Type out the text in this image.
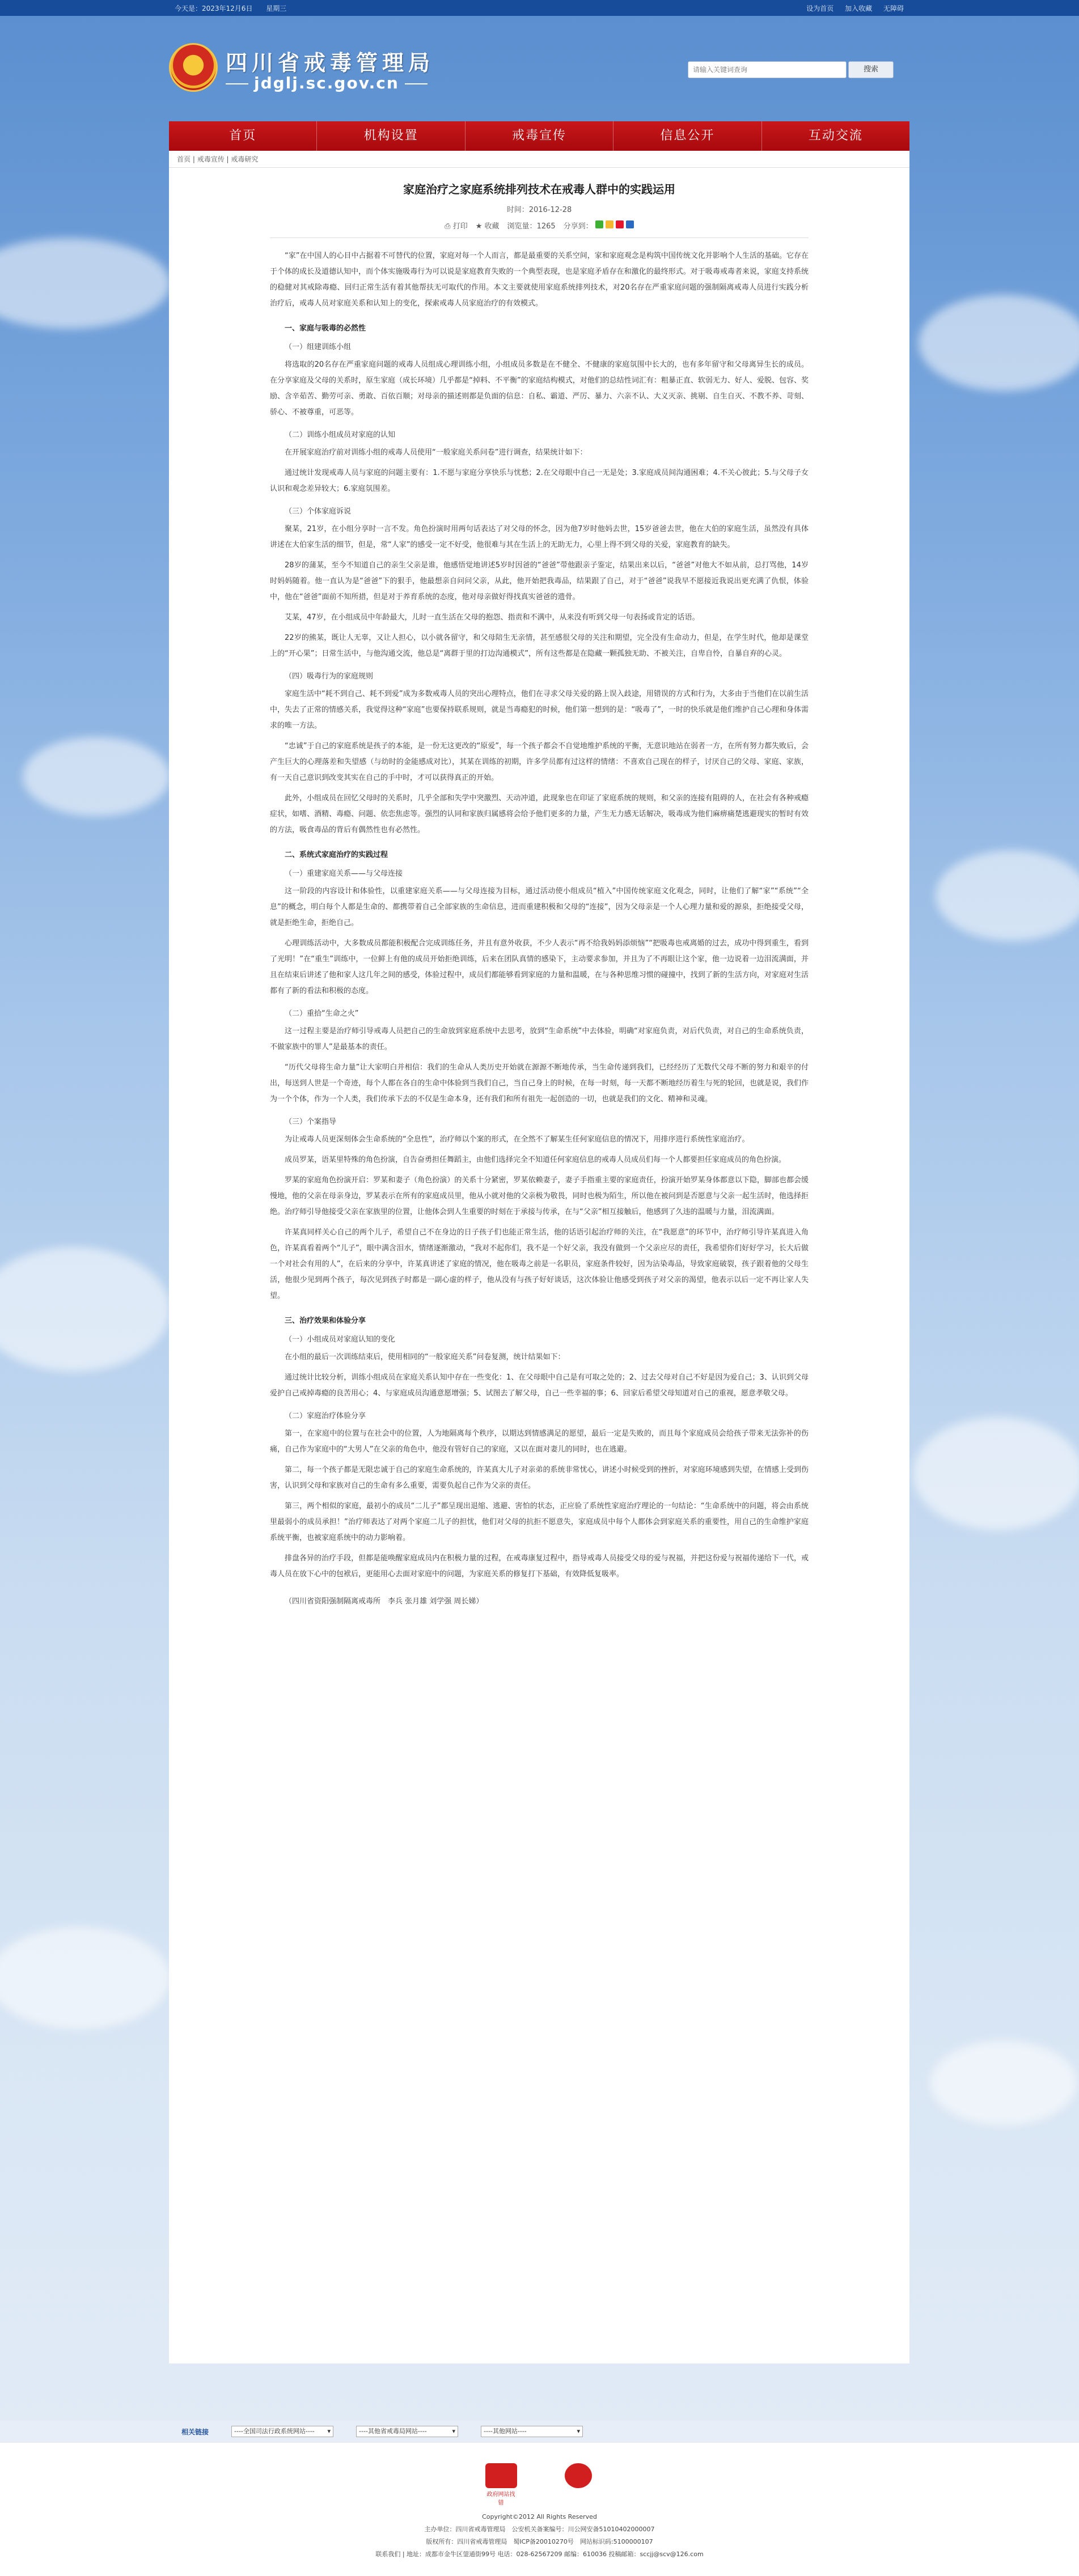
今天是：2023年12月6日 星期三	设为首页 加入收藏 无障碍
四川省戒毒管理局
jdglj.sc.gov.cn
请输入关键词查询
搜索
首页	机构设置	戒毒宣传	信息公开	互动交流
首页 | 戒毒宣传 | 戒毒研究
家庭治疗之家庭系统排列技术在戒毒人群中的实践运用
时间：2016-12-28
⎙ 打印 ★ 收藏 浏览量：1265 分享到：

“家”在中国人的心目中占据着不可替代的位置，家庭对每一个人而言，都是最重要的关系空间，家和家庭观念是构筑中国传统文化并影响个人生活的基础。它存在于个体的成长及道德认知中，而个体实施吸毒行为可以说是家庭教育失败的一个典型表现，也是家庭矛盾存在和激化的最终形式。对于吸毒戒毒者来说，家庭支持系统的稳健对其戒除毒瘾、回归正常生活有着其他帮扶无可取代的作用。本文主要就使用家庭系统排列技术，对20名存在严重家庭问题的强制隔离戒毒人员进行实践分析治疗后，戒毒人员对家庭关系和认知上的变化，探索戒毒人员家庭治疗的有效模式。

一、家庭与吸毒的必然性
（一）组建训练小组

将选取的20名存在严重家庭问题的戒毒人员组成心理训练小组，小组成员多数是在不健全、不健康的家庭氛围中长大的，也有多年留守和父母离异生长的成员。在分享家庭及父母的关系时，原生家庭（成长环境）几乎都是“掉料、不平衡”的家庭结构模式，对他们的总结性词汇有：粗暴正直、软弱无力、好人、爱脱、包容、奖励、含辛茹苦、勤劳可亲、勇敢、百依百顺；对母亲的描述则都是负面的信息：自私、霸道、严厉、暴力、六亲不认、大义灭亲、挑剔、自生自灭、不教不养、苛刻、骄心、不被尊重，可恶等。

（二）训练小组成员对家庭的认知

在开展家庭治疗前对训练小组的戒毒人员使用“一般家庭关系问卷”进行调查，结果统计如下：

通过统计发现戒毒人员与家庭的问题主要有：1.不愿与家庭分享快乐与忧愁；2.在父母眼中自己一无是处；3.家庭成员间沟通困难；4.不关心彼此；5.与父母子女认识和观念差异较大；6.家庭氛围差。

（三）个体家庭诉说

聚某，21岁，在小组分享时一言不发。角色扮演时用两句话表达了对父母的怀念，因为他7岁时他妈去世，15岁爸爸去世，他在大伯的家庭生活，虽然没有具体讲述在大伯家生活的细节，但是，常“人家”的感受一定不好受，他很难与其在生活上的无助无力，心里上得不到父母的关爱，家庭教育的缺失。

28岁的蒲某，至今不知道自己的亲生父亲是谁，他感悟觉地讲述5岁时因爸的“爸爸”带他跟亲子鉴定，结果出来以后，“爸爸”对他大不如从前，总打骂他，14岁时妈妈随着。他一直认为是“爸爸”下的狠手，他最想亲自问问父亲，从此，他开始把我毒品，结果跟了自己，对于“爸爸”说我早不愿接近我说出更充满了仇恨，体验中，他在“爸爸”面前不知所措，但是对于养育系统的态度，他对母亲做好得找真实爸爸的遗骨。

艾某，47岁，在小组成员中年龄最大，儿时一直生活在父母的抱怨、指责和不满中，从来没有听到父母一句表扬或肯定的话语。

22岁的熊某，既让人无辜，又让人担心，以小就各留守，和父母陪生无亲情，甚至感很父母的关注和期望，完全没有生命动力，但是，在学生时代，他却是课堂上的“开心果”；日常生活中，与他沟通交流，他总是“离群于里的打边沟通模式”，所有这些都是在隐藏一颗孤独无助、不被关注，自卑自怜，自暴自弃的心灵。

（四）吸毒行为的家庭规则

家庭生活中“耗不到自己、耗不到爱”成为多数戒毒人员的突出心理特点，他们在寻求父母关爱的路上误入歧途，用错误的方式和行为，大多由于当他们在以前生活中，失去了正常的情感关系，我觉得这种“家庭”也要保持联系规则，就是当毒瘾犯的时候，他们第一想到的是：“吸毒了”，一时的快乐就是他们维护自己心理和身体需求的唯一方法。

“忠诚”于自己的家庭系统是孩子的本能，是一份无这更改的“原爱”，每一个孩子都会不自觉地维护系统的平衡，无意识地站在弱者一方，在所有努力都失败后，会产生巨大的心理落差和失望感（与幼时的金能感成对比），其某在训练的初期，许多学员都有过这样的情绪：不喜欢自己现在的样子，讨厌自己的父母、家庭、家族，有一天自己意识到改变其实在自己的手中时，才可以获得真正的开始。

此外，小组成员在回忆父母时的关系时，几乎全部和失学中突激烈、天动冲道，此现象也在印证了家庭系统的规则，和父亲的连接有阻碍的人，在社会有各种戒瘾症状，如嗜、酒精、毒瘾、问题、依恋焦虑等。强烈的认同和家族归属感将会给予他们更多的力量，产生无力感无话解决，吸毒成为他们麻痹痛楚逃避现实的暂时有效的方法，吸食毒品的背后有偶然性也有必然性。

二、系统式家庭治疗的实践过程
（一）重建家庭关系——与父母连接

这一阶段的内容设计和体验性，以重建家庭关系——与父母连接为目标，通过活动使小组成员“植入”中国传统家庭文化观念，同时，让他们了解“家”“系统”“全息”的概念，明白每个人都是生命的、都携带着自己全部家族的生命信息，进而重建积极和父母的“连接”，因为父母亲是一个人心理力量和爱的源泉，拒绝接受父母，就是拒绝生命，拒绝自己。

心理训练活动中，大多数成员都能积极配合完成训练任务，并且有意外收获，不少人表示“再不给我妈妈添烦恼”“把吸毒也戒离婚的过去，成功中得到重生，看到了光明！”在“重生”训练中，一位鲜上有他的成员开始拒绝训练，后来在团队真情的感染下，主动要求参加，并且为了不再眼让这个家，他一边说着一边泪流满面，并且在结束后讲述了他和家人这几年之间的感受，体验过程中，成员们都能够看到家庭的力量和温暖，在与各种思维习惯的碰撞中，找到了新的生活方向，对家庭对生活都有了新的看法和积极的态度。

（二）重拾“生命之火”

这一过程主要是治疗师引导戒毒人员把自己的生命放到家庭系统中去思考，放到“生命系统”中去体验，明确“对家庭负责，对后代负责，对自己的生命系统负责，不做家族中的罪人”是最基本的责任。

“历代父母将生命力量”让大家明白并相信：我们的生命从人类历史开始就在源源不断地传承，当生命传递到我们，已经经历了无数代父母不断的努力和艰辛的付出，每送到人世是一个奇迹，每个人都在各自的生命中体验到当我们自己，当自己身上的时候，在每一时刻，每一天都不断地经历着生与死的轮回，也就是说，我们作为一个个体，作为一个人类，我们传承下去的不仅是生命本身，还有我们和所有祖先一起创造的一切，也就是我们的文化、精神和灵魂。

（三）个案指导

为让戒毒人员更深刻体会生命系统的“全息性”，治疗师以个案的形式，在全然不了解某生任何家庭信息的情况下，用排序进行系统性家庭治疗。

成员罗某，语某里特殊的角色扮演，自告奋勇担任舞蹈主，由他们选择完全不知道任何家庭信息的戒毒人员成员们每一个人都要担任家庭成员的角色扮演。

罗某的家庭角色扮演开启：罗某和妻子（角色扮演）的关系十分紧密，罗某依赖妻子，妻子手指重主要的家庭责任，扮演开始罗某身体都意以下隐，脚部也都会缓慢地，他的父亲在母亲身边，罗某表示在所有的家庭成员里，他从小就对他的父亲极为敬畏，同时也极为陌生，所以他在被问到是否愿意与父亲一起生活时，他选择拒绝。治疗师引导他接受父亲在家族里的位置，让他体会到人生重要的时刻在于承接与传承，在与“父亲”相互接触后，他感到了久违的温暖与力量，泪流满面。

许某真同样关心自己的两个儿子，希望自己不在身边的日子孩子们也能正常生活，他的话语引起治疗师的关注，在“我愿意”的环节中，治疗师引导许某真进入角色，许某真看着两个“儿子”，眼中满含泪水，情绪逐渐激动，“我对不起你们，我不是一个好父亲，我没有做到一个父亲应尽的责任，我希望你们好好学习，长大后做一个对社会有用的人”，在后来的分享中，许某真讲述了家庭的情况，他在吸毒之前是一名职员，家庭条件较好，因为沾染毒品，导致家庭破裂，孩子跟着他的父母生活，他很少见到两个孩子，每次见到孩子时都是一副心虚的样子，他从没有与孩子好好谈话，这次体验让他感受到孩子对父亲的渴望，他表示以后一定不再让家人失望。

三、治疗效果和体验分享
（一）小组成员对家庭认知的变化

在小组的最后一次训练结束后，使用相同的“一般家庭关系”问卷复测，统计结果如下：

通过统计比较分析，训练小组成员在家庭关系认知中存在一些变化：1、在父母眼中自己是有可取之处的；2、过去父母对自己不好是因为爱自己；3、认识到父母爱护自己戒掉毒瘾的良苦用心；4、与家庭成员沟通意愿增强；5、试图去了解父母，自己一些幸福的事；6、回家后希望父母知道对自己的重视，愿意孝敬父母。

（二）家庭治疗体验分享

第一，在家庭中的位置与在社会中的位置，人为地隔离每个秩序，以期达到情感满足的愿望，最后一定是失败的，而且每个家庭成员会给孩子带来无法弥补的伤痛，自己作为家庭中的“大男人”在父亲的角色中，他没有管好自己的家庭，又以在面对妻儿的同时，也在逃避。

第二，每一个孩子都是无限忠诚于自己的家庭生命系统的，许某真大儿子对亲弟的系统非常忧心，讲述小时候受到的挫折，对家庭环境感到失望，在情感上受到伤害，认识到父母和家族对自己的生命有多么重要，需要负起自己作为父亲的责任。

第三，两个相似的家庭，最初小的成员“二儿子”都呈现出退缩、逃避、害怕的状态，正应验了系统性家庭治疗理论的一句结论：“生命系统中的问题，将会由系统里最弱小的成员承担！”治疗师表达了对两个家庭二儿子的担忧，他们对父母的抗拒不愿意失，家庭成员中每个人都体会到家庭关系的重要性，用自己的生命维护家庭系统平衡，也被家庭系统中的动力影响着。

排盘各异的治疗手段，但都是能唤醒家庭成员内在积极力量的过程，在戒毒康复过程中，指导戒毒人员接受父母的爱与祝福，并把这份爱与祝福传递给下一代，戒毒人员在放下心中的包袱后，更能用心去面对家庭中的问题，为家庭关系的修复打下基础，有效降低复吸率。

（四川省资阳强制隔离戒毒所　李兵 张月雄 刘学强 周长娣）

相关链接	----全国司法行政系统网站---- ▾	----其他省戒毒局网站----	▾	----其他网站----	▾
政府网站找错
Copyright©2012 All Rights Reserved
主办单位：四川省戒毒管理局　公安机关备案编号：川公网安备51010402000007
版权所有：四川省戒毒管理局　蜀ICP备20010270号　网站标识码:5100000107
联系我们 | 地址：成都市金牛区蓥通街99号 电话：028-62567209 邮编：610036 投稿邮箱：sccjj@scv@126.com
